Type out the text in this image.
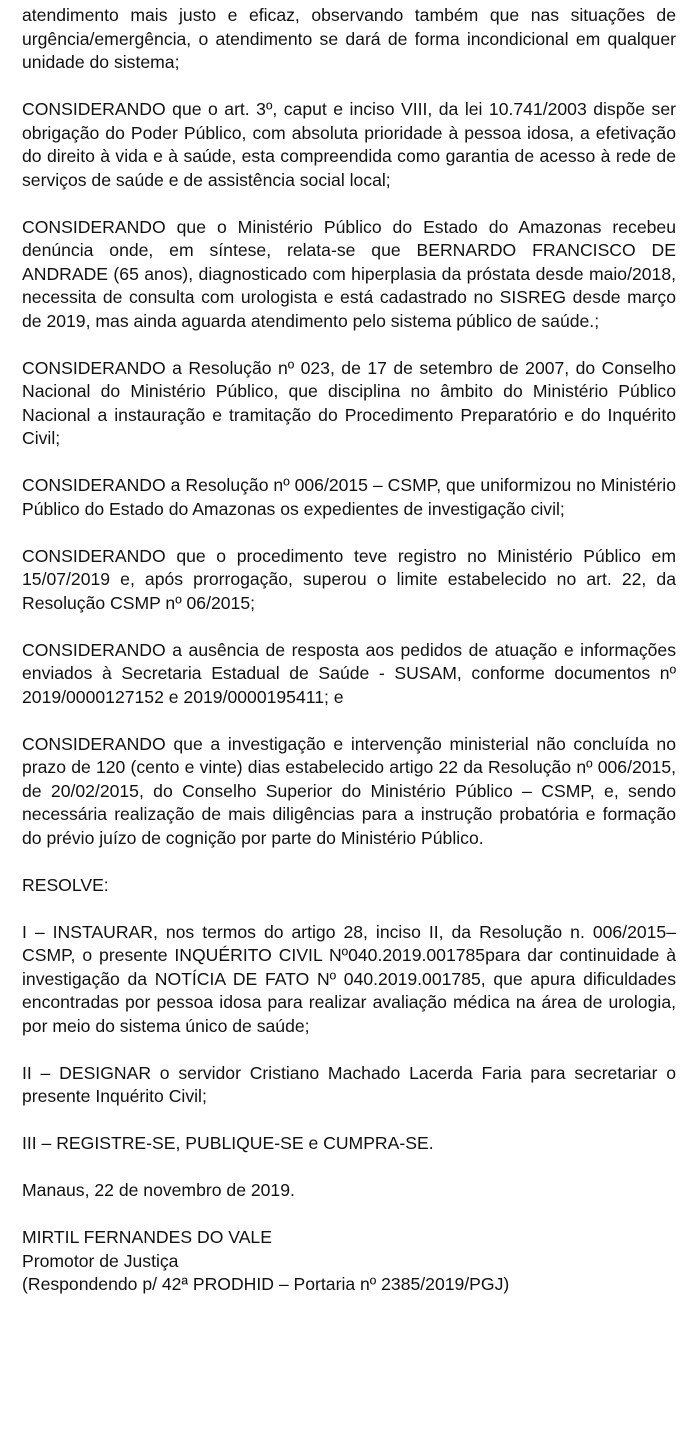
atendimento mais justo e eficaz, observando também que nas situações de urgência/emergência, o atendimento se dará de forma incondicional em qualquer unidade do sistema;

CONSIDERANDO que o art. 3º, caput e inciso VIII, da lei 10.741/2003 dispõe ser obrigação do Poder Público, com absoluta prioridade à pessoa idosa, a efetivação do direito à vida e à saúde, esta compreendida como garantia de acesso à rede de serviços de saúde e de assistência social local;

CONSIDERANDO que o Ministério Público do Estado do Amazonas recebeu denúncia onde, em síntese, relata-se que BERNARDO FRANCISCO DE ANDRADE (65 anos), diagnosticado com hiperplasia da próstata desde maio/2018, necessita de consulta com urologista e está cadastrado no SISREG desde março de 2019, mas ainda aguarda atendimento pelo sistema público de saúde.;

CONSIDERANDO a Resolução nº 023, de 17 de setembro de 2007, do Conselho Nacional do Ministério Público, que disciplina no âmbito do Ministério Público Nacional a instauração e tramitação do Procedimento Preparatório e do Inquérito Civil;

CONSIDERANDO a Resolução nº 006/2015 – CSMP, que uniformizou no Ministério Público do Estado do Amazonas os expedientes de investigação civil;

CONSIDERANDO que o procedimento teve registro no Ministério Público em 15/07/2019 e, após prorrogação, superou o limite estabelecido no art. 22, da Resolução CSMP nº 06/2015;

CONSIDERANDO a ausência de resposta aos pedidos de atuação e informações enviados à Secretaria Estadual de Saúde - SUSAM, conforme documentos nº 2019/0000127152 e 2019/0000195411; e

CONSIDERANDO que a investigação e intervenção ministerial não concluída no prazo de 120 (cento e vinte) dias estabelecido artigo 22 da Resolução nº 006/2015, de 20/02/2015, do Conselho Superior do Ministério Público – CSMP, e, sendo necessária realização de mais diligências para a instrução probatória e formação do prévio juízo de cognição por parte do Ministério Público.

RESOLVE:

I – INSTAURAR, nos termos do artigo 28, inciso II, da Resolução n. 006/2015–CSMP, o presente INQUÉRITO CIVIL Nº040.2019.001785para dar continuidade à investigação da NOTÍCIA DE FATO Nº 040.2019.001785, que apura dificuldades encontradas por pessoa idosa para realizar avaliação médica na área de urologia, por meio do sistema único de saúde;

II – DESIGNAR o servidor Cristiano Machado Lacerda Faria para secretariar o presente Inquérito Civil;

III – REGISTRE-SE, PUBLIQUE-SE e CUMPRA-SE.

Manaus, 22 de novembro de 2019.

MIRTIL FERNANDES DO VALE
Promotor de Justiça
(Respondendo p/ 42ª PRODHID – Portaria nº 2385/2019/PGJ)
